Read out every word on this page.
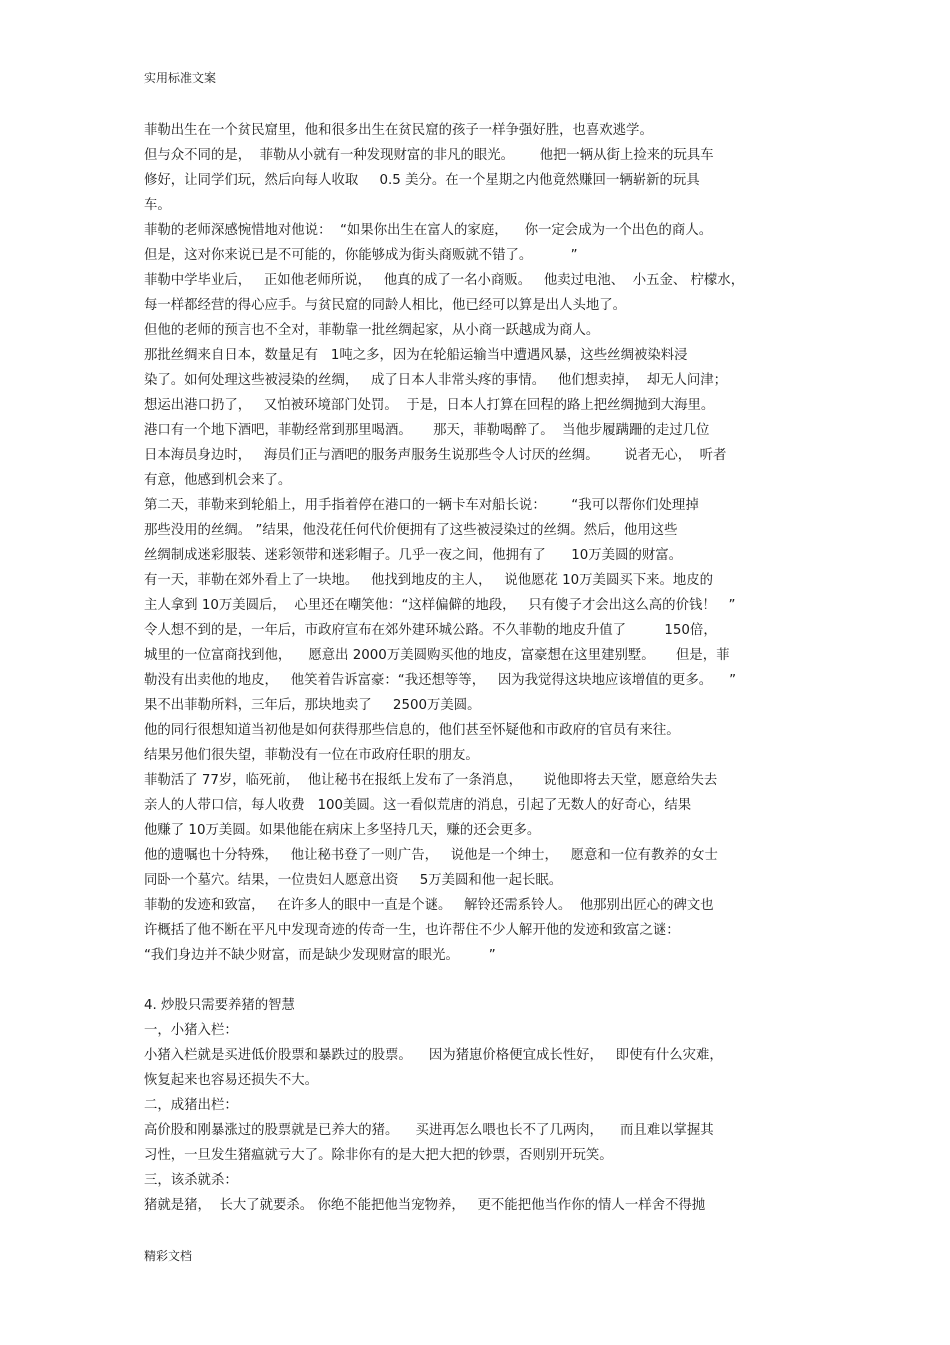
实用标准文案
菲勒出生在一个贫民窟里，他和很多出生在贫民窟的孩子一样争强好胜，也喜欢逃学。
但与众不同的是，  菲勒从小就有一种发现财富的非凡的眼光。      他把一辆从街上捡来的玩具车
修好，让同学们玩，然后向每人收取     0.5 美分。在一个星期之内他竟然赚回一辆崭新的玩具
车。
菲勒的老师深感惋惜地对他说：  “如果你出生在富人的家庭，    你一定会成为一个出色的商人。
但是，这对你来说已是不可能的，你能够成为街头商贩就不错了。         ”
菲勒中学毕业后，   正如他老师所说，   他真的成了一名小商贩。   他卖过电池、  小五金、 柠檬水，
每一样都经营的得心应手。与贫民窟的同龄人相比，他已经可以算是出人头地了。
但他的老师的预言也不全对，菲勒靠一批丝绸起家，从小商一跃越成为商人。
那批丝绸来自日本，数量足有   1吨之多，因为在轮船运输当中遭遇风暴，这些丝绸被染料浸
染了。如何处理这些被浸染的丝绸，   成了日本人非常头疼的事情。   他们想卖掉，  却无人问津；
想运出港口扔了，   又怕被环境部门处罚。  于是，日本人打算在回程的路上把丝绸抛到大海里。
港口有一个地下酒吧，菲勒经常到那里喝酒。     那天，菲勒喝醉了。  当他步履蹒跚的走过几位
日本海员身边时，   海员们正与酒吧的服务声服务生说那些令人讨厌的丝绸。      说者无心，  听者
有意，他感到机会来了。
第二天，菲勒来到轮船上，用手指着停在港口的一辆卡车对船长说：      “我可以帮你们处理掉
那些没用的丝绸。 ”结果，他没花任何代价便拥有了这些被浸染过的丝绸。然后，他用这些
丝绸制成迷彩服装、迷彩领带和迷彩帽子。几乎一夜之间，他拥有了      10万美圆的财富。
有一天，菲勒在郊外看上了一块地。   他找到地皮的主人，   说他愿花 10万美圆买下来。地皮的
主人拿到 10万美圆后，  心里还在嘲笑他：“这样偏僻的地段，   只有傻子才会出这么高的价钱！   ”
令人想不到的是，一年后，市政府宣布在郊外建环城公路。不久菲勒的地皮升值了         150倍，
城里的一位富商找到他，    愿意出 2000万美圆购买他的地皮，富豪想在这里建别墅。     但是，菲
勒没有出卖他的地皮，   他笑着告诉富豪：“我还想等等，   因为我觉得这块地应该增值的更多。    ”
果不出菲勒所料，三年后，那块地卖了     2500万美圆。
他的同行很想知道当初他是如何获得那些信息的，他们甚至怀疑他和市政府的官员有来往。
结果另他们很失望，菲勒没有一位在市政府任职的朋友。
菲勒活了 77岁，临死前，  他让秘书在报纸上发布了一条消息，     说他即将去天堂，愿意给失去
亲人的人带口信，每人收费   100美圆。这一看似荒唐的消息，引起了无数人的好奇心，结果
他赚了 10万美圆。如果他能在病床上多坚持几天，赚的还会更多。
他的遗嘱也十分特殊，   他让秘书登了一则广告，   说他是一个绅士，   愿意和一位有教养的女士
同卧一个墓穴。结果，一位贵妇人愿意出资     5万美圆和他一起长眠。
菲勒的发迹和致富，   在许多人的眼中一直是个谜。   解铃还需系铃人。  他那别出匠心的碑文也
许概括了他不断在平凡中发现奇迹的传奇一生，也许帮住不少人解开他的发迹和致富之谜：
“我们身边并不缺少财富，而是缺少发现财富的眼光。       ”
4. 炒股只需要养猪的智慧
一，小猪入栏：
小猪入栏就是买进低价股票和暴跌过的股票。    因为猪崽价格便宜成长性好，   即使有什么灾难，
恢复起来也容易还损失不大。
二，成猪出栏：
高价股和刚暴涨过的股票就是已养大的猪。    买进再怎么喂也长不了几两肉，    而且难以掌握其
习性，一旦发生猪瘟就亏大了。除非你有的是大把大把的钞票，否则别开玩笑。
三，该杀就杀：
猪就是猪，  长大了就要杀。 你绝不能把他当宠物养，   更不能把他当作你的情人一样舍不得抛
精彩文档
